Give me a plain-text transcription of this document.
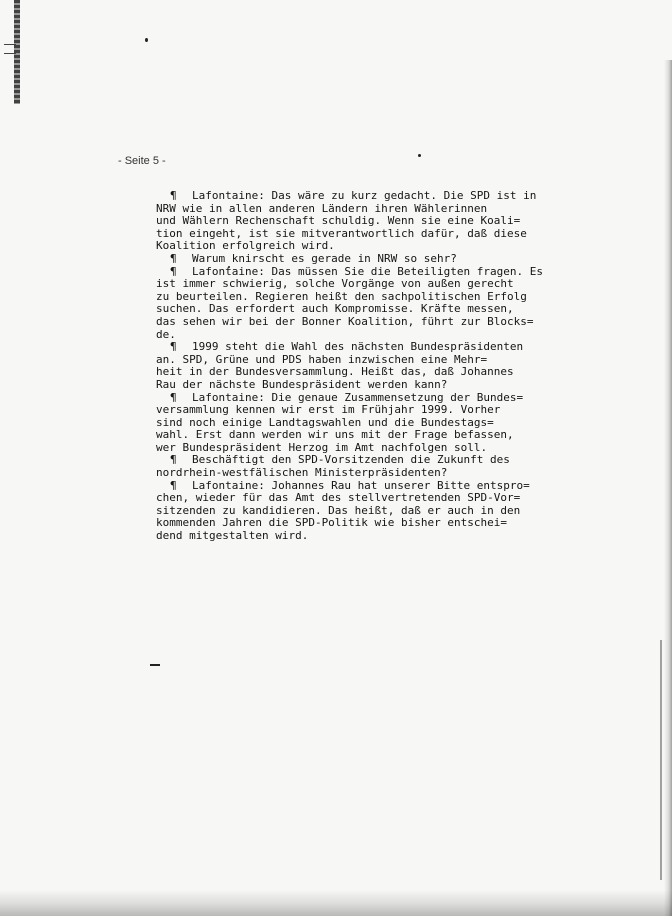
- Seite 5 -
¶ Lafontaine: Das wäre zu kurz gedacht. Die SPD ist in
NRW wie in allen anderen Ländern ihren Wählerinnen
und Wählern Rechenschaft schuldig. Wenn sie eine Koali=
tion eingeht, ist sie mitverantwortlich dafür, daß diese
Koalition erfolgreich wird.
¶ Warum knirscht es gerade in NRW so sehr?
¶ Lafontaine: Das müssen Sie die Beteiligten fragen. Es
ist immer schwierig, solche Vorgänge von außen gerecht
zu beurteilen. Regieren heißt den sachpolitischen Erfolg
suchen. Das erfordert auch Kompromisse. Kräfte messen,
das sehen wir bei der Bonner Koalition, führt zur Blocks=
de.
¶ 1999 steht die Wahl des nächsten Bundespräsidenten
an. SPD, Grüne und PDS haben inzwischen eine Mehr=
heit in der Bundesversammlung. Heißt das, daß Johannes
Rau der nächste Bundespräsident werden kann?
¶ Lafontaine: Die genaue Zusammensetzung der Bundes=
versammlung kennen wir erst im Frühjahr 1999. Vorher
sind noch einige Landtagswahlen und die Bundestags=
wahl. Erst dann werden wir uns mit der Frage befassen,
wer Bundespräsident Herzog im Amt nachfolgen soll.
¶ Beschäftigt den SPD-Vorsitzenden die Zukunft des
nordrhein-westfälischen Ministerpräsidenten?
¶ Lafontaine: Johannes Rau hat unserer Bitte entspro=
chen, wieder für das Amt des stellvertretenden SPD-Vor=
sitzenden zu kandidieren. Das heißt, daß er auch in den
kommenden Jahren die SPD-Politik wie bisher entschei=
dend mitgestalten wird.
